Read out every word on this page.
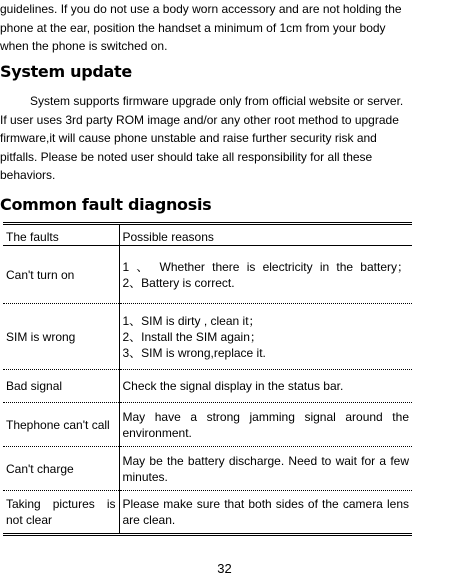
guidelines. If you do not use a body worn accessory and are not holding the
phone at the ear, position the handset a minimum of 1cm from your body
when the phone is switched on.
System update
System supports firmware upgrade only from official website or server.
If user uses 3rd party ROM image and/or any other root method to upgrade
firmware,it will cause phone unstable and raise further security risk and
pitfalls. Please be noted user should take all responsibility for all these
behaviors.
Common fault diagnosis
The faults	Possible reasons
Can't turn on	1 、 Whether there is electricity in the battery；
2、Battery is correct.

SIM is wrong	1、SIM is dirty , clean it；
2、Install the SIM again；
3、SIM is wrong,replace it.

Bad signal	Check the signal display in the status bar.
Thephone can't call	May have a strong jamming signal around the environment.
Can't charge	May be the battery discharge. Need to wait for a few minutes.
Taking pictures is not clear	Please make sure that both sides of the camera lens are clean.
32
